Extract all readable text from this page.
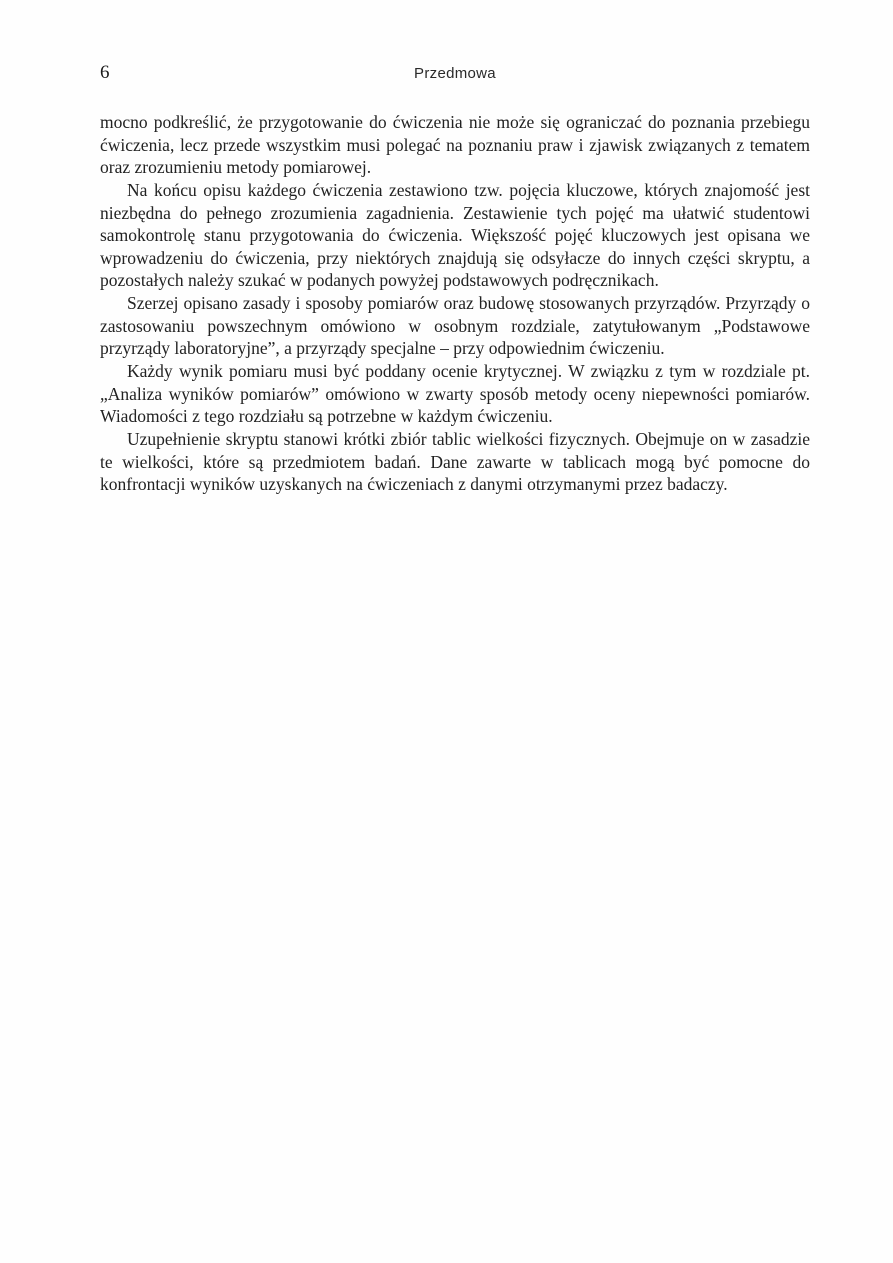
6	Przedmowa

mocno podkreślić, że przygotowanie do ćwiczenia nie może się ograniczać do poznania przebiegu ćwiczenia, lecz przede wszystkim musi polegać na poznaniu praw i zjawisk związanych z tematem oraz zrozumieniu metody pomiarowej.

Na końcu opisu każdego ćwiczenia zestawiono tzw. pojęcia kluczowe, których znajomość jest niezbędna do pełnego zrozumienia zagadnienia. Zestawienie tych pojęć ma ułatwić studentowi samokontrolę stanu przygotowania do ćwiczenia. Większość pojęć kluczowych jest opisana we wprowadzeniu do ćwiczenia, przy niektórych znajdują się odsyłacze do innych części skryptu, a pozostałych należy szukać w podanych powyżej podstawowych podręcznikach.

Szerzej opisano zasady i sposoby pomiarów oraz budowę stosowanych przyrządów. Przyrządy o zastosowaniu powszechnym omówiono w osobnym rozdziale, zatytułowanym „Podstawowe przyrządy laboratoryjne”, a przyrządy specjalne – przy odpowiednim ćwiczeniu.

Każdy wynik pomiaru musi być poddany ocenie krytycznej. W związku z tym w rozdziale pt. „Analiza wyników pomiarów” omówiono w zwarty sposób metody oceny niepewności pomiarów. Wiadomości z tego rozdziału są potrzebne w każdym ćwiczeniu.

Uzupełnienie skryptu stanowi krótki zbiór tablic wielkości fizycznych. Obejmuje on w zasadzie te wielkości, które są przedmiotem badań. Dane zawarte w tablicach mogą być pomocne do konfrontacji wyników uzyskanych na ćwiczeniach z danymi otrzymanymi przez badaczy.
